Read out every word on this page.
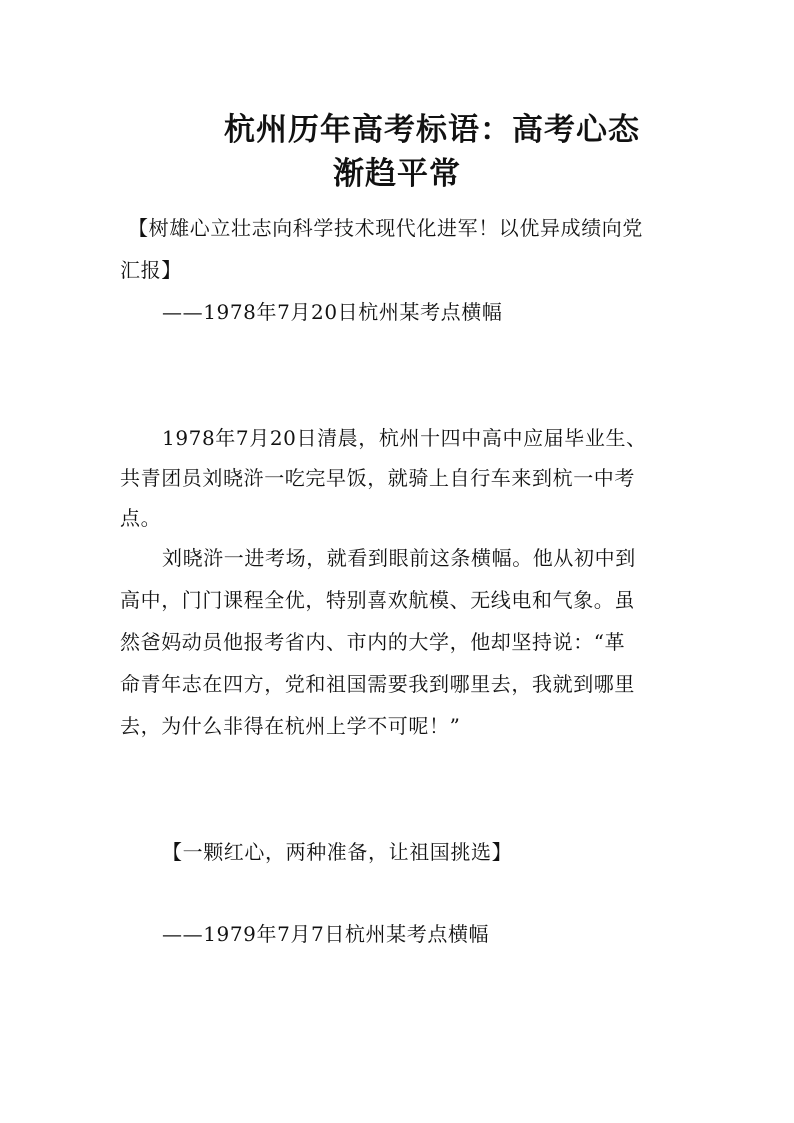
杭州历年高考标语：高考心态
渐趋平常
【树雄心立壮志向科学技术现代化进军！以优异成绩向党
汇报】
——1978年7月20日杭州某考点横幅
1978年7月20日清晨，杭州十四中高中应届毕业生、
共青团员刘晓浒一吃完早饭，就骑上自行车来到杭一中考
点。
刘晓浒一进考场，就看到眼前这条横幅。他从初中到
高中，门门课程全优，特别喜欢航模、无线电和气象。虽
然爸妈动员他报考省内、市内的大学，他却坚持说：“革
命青年志在四方，党和祖国需要我到哪里去，我就到哪里
去，为什么非得在杭州上学不可呢！”
【一颗红心，两种准备，让祖国挑选】
——1979年7月7日杭州某考点横幅
